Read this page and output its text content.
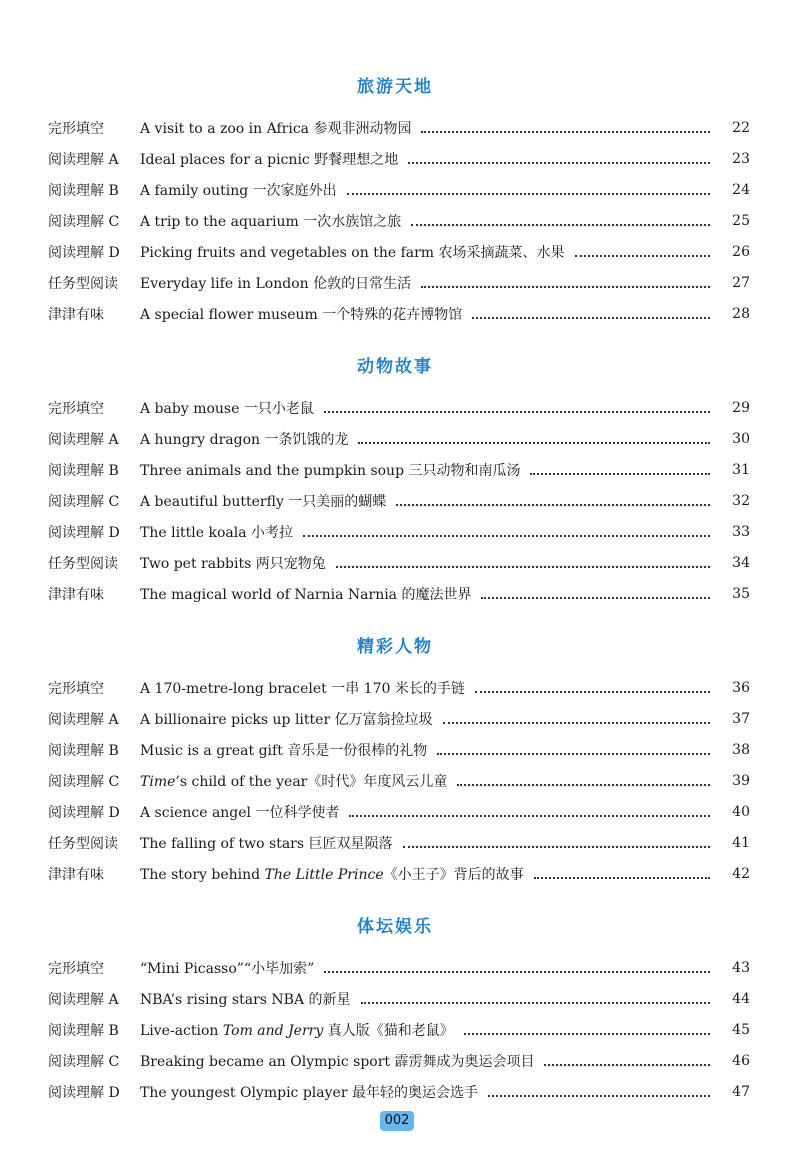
旅游天地
完形填空	A visit to a zoo in Africa 参观非洲动物园	22
阅读理解 A	Ideal places for a picnic 野餐理想之地	23
阅读理解 B	A family outing 一次家庭外出	24
阅读理解 C	A trip to the aquarium 一次水族馆之旅	25
阅读理解 D	Picking fruits and vegetables on the farm 农场采摘蔬菜、水果	26
任务型阅读	Everyday life in London 伦敦的日常生活	27
津津有味	A special flower museum 一个特殊的花卉博物馆	28
动物故事
完形填空	A baby mouse 一只小老鼠	29
阅读理解 A	A hungry dragon 一条饥饿的龙	30
阅读理解 B	Three animals and the pumpkin soup 三只动物和南瓜汤	31
阅读理解 C	A beautiful butterfly 一只美丽的蝴蝶	32
阅读理解 D	The little koala 小考拉	33
任务型阅读	Two pet rabbits 两只宠物兔	34
津津有味	The magical world of Narnia Narnia 的魔法世界	35
精彩人物
完形填空	A 170-metre-long bracelet 一串 170 米长的手链	36
阅读理解 A	A billionaire picks up litter 亿万富翁捡垃圾	37
阅读理解 B	Music is a great gift 音乐是一份很棒的礼物	38
阅读理解 C	Time’s child of the year《时代》年度风云儿童	39
阅读理解 D	A science angel 一位科学使者	40
任务型阅读	The falling of two stars 巨匠双星陨落	41
津津有味	The story behind The Little Prince《小王子》背后的故事	42
体坛娱乐
完形填空	“Mini Picasso”“小毕加索”	43
阅读理解 A	NBA’s rising stars NBA 的新星	44
阅读理解 B	Live-action Tom and Jerry 真人版《猫和老鼠》	45
阅读理解 C	Breaking became an Olympic sport 霹雳舞成为奥运会项目	46
阅读理解 D	The youngest Olympic player 最年轻的奥运会选手	47
002
